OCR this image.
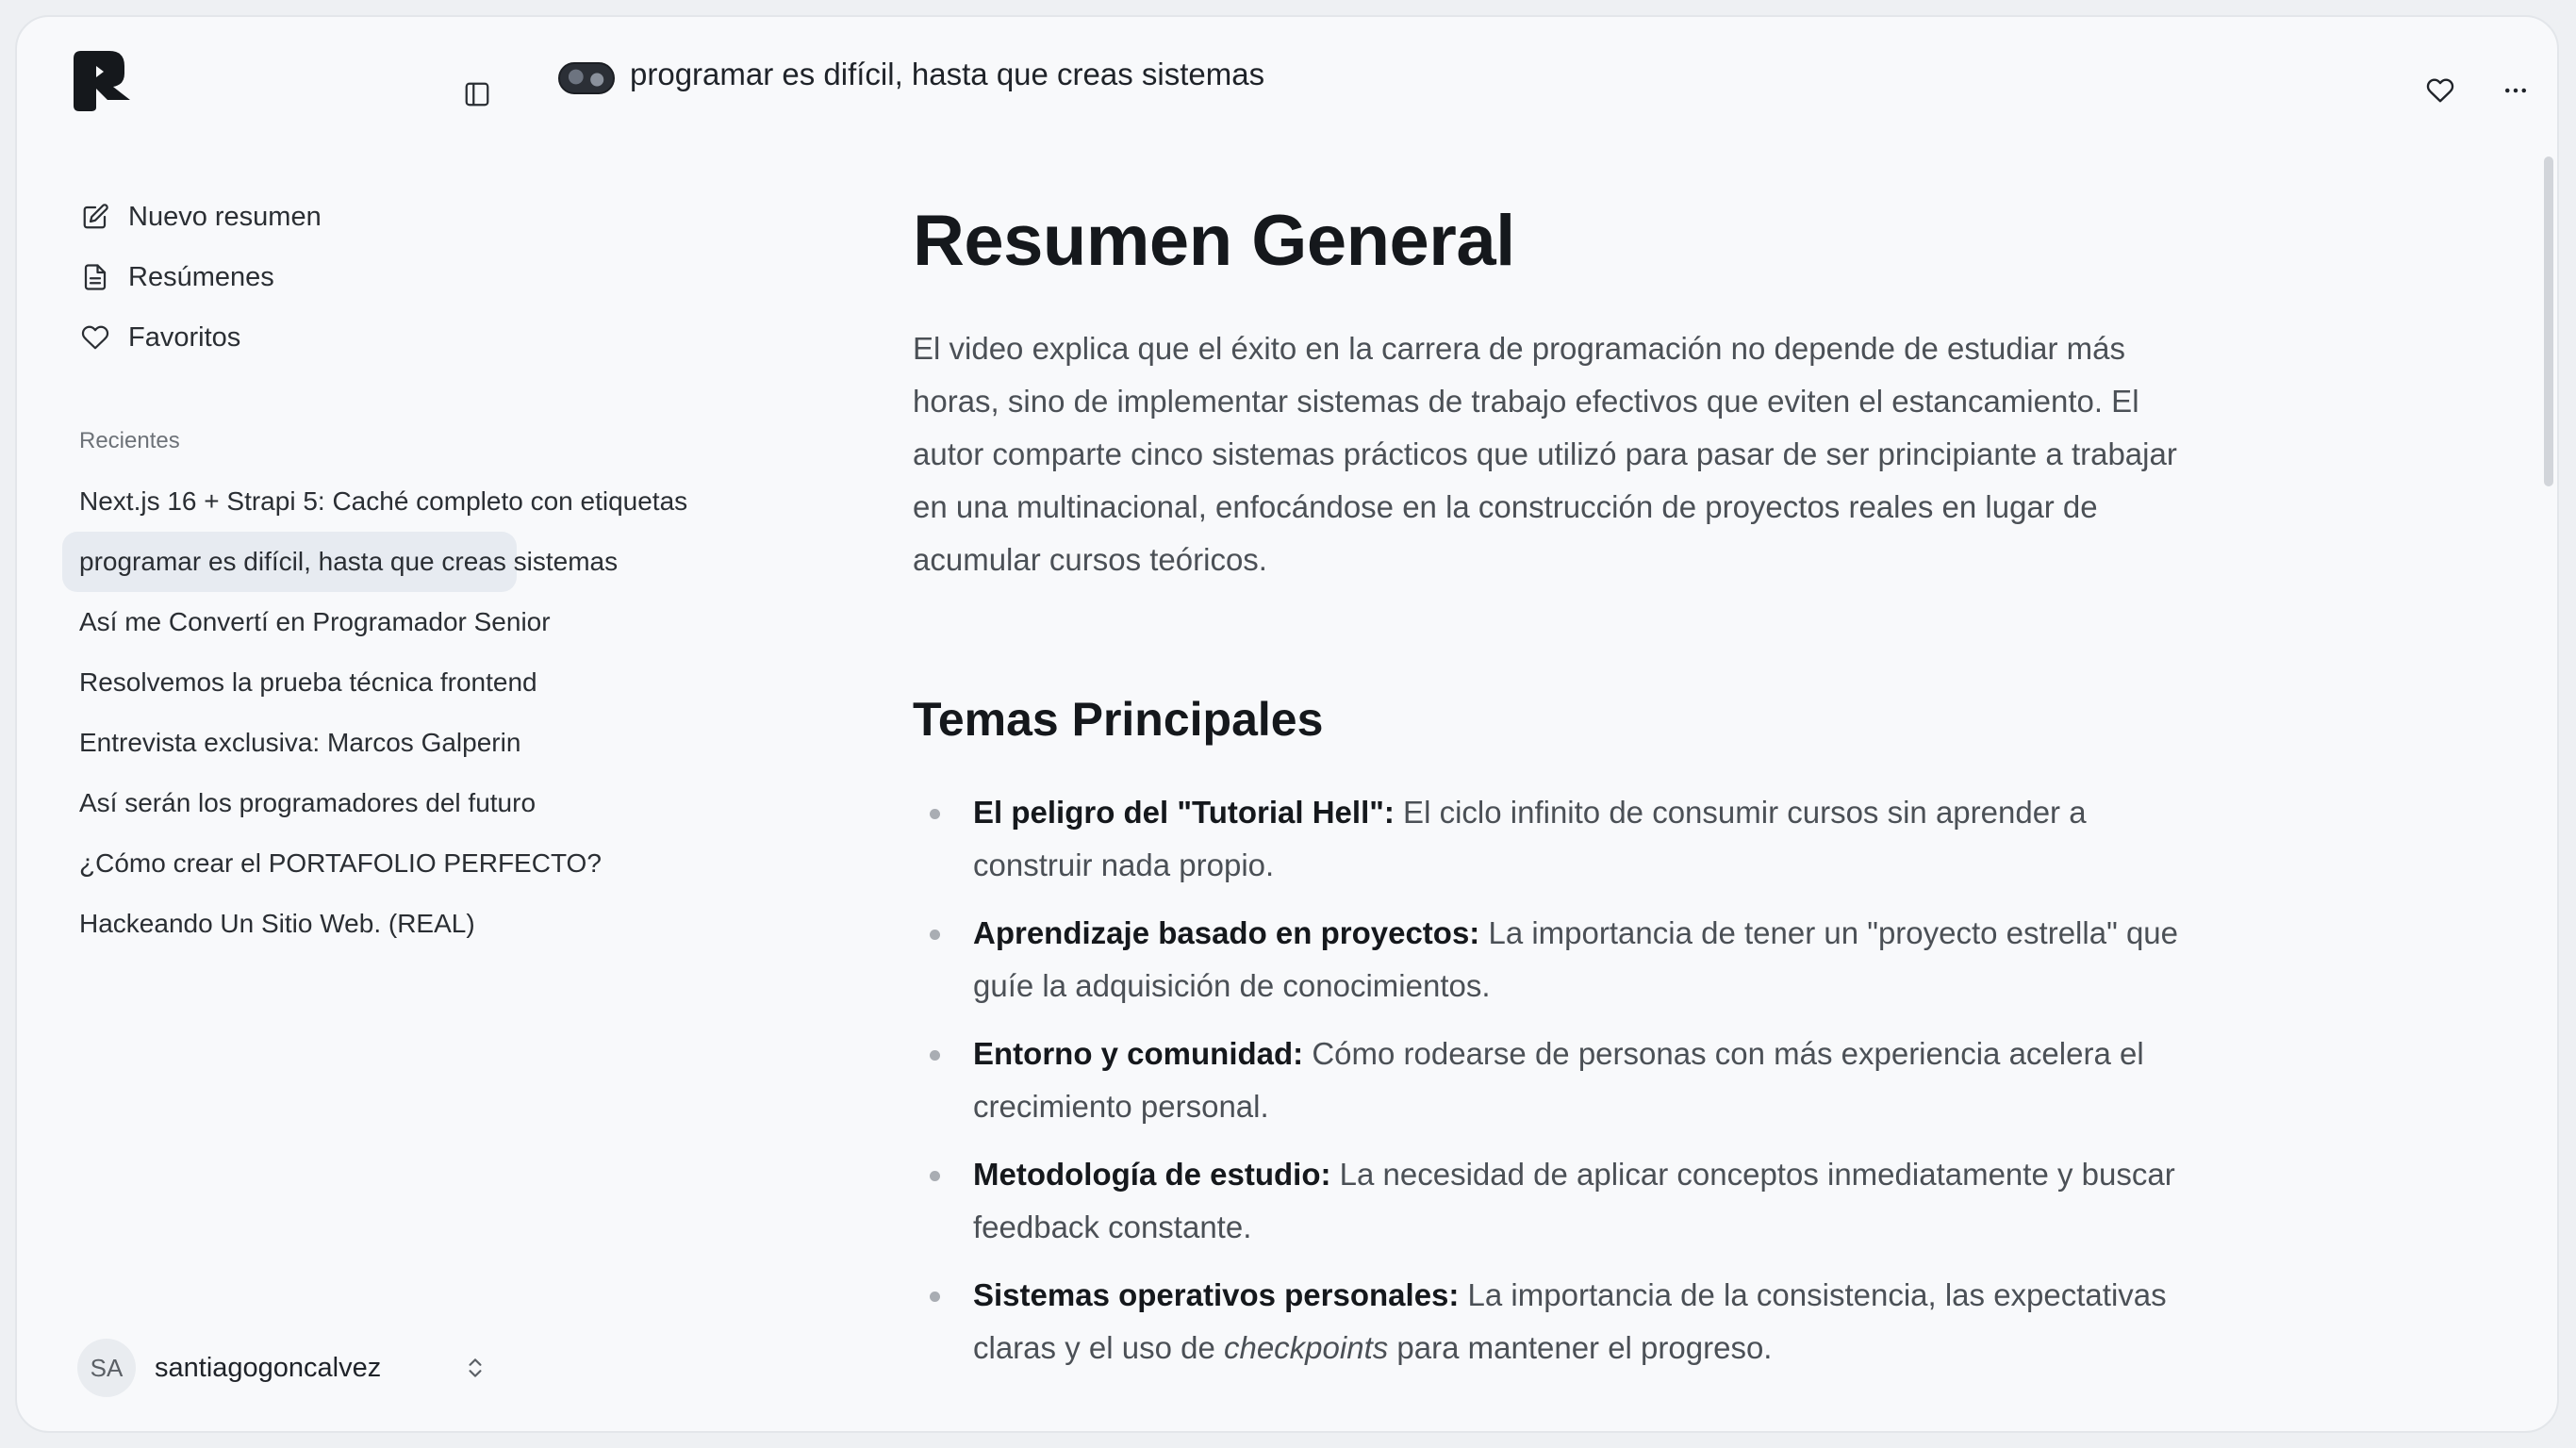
Nuevo resumen
Resúmenes
Favoritos
Recientes
Next.js 16 + Strapi 5: Caché completo con etiquetas
programar es difícil, hasta que creas sistemas
Así me Convertí en Programador Senior
Resolvemos la prueba técnica frontend
Entrevista exclusiva: Marcos Galperin
Así serán los programadores del futuro
¿Cómo crear el PORTAFOLIO PERFECTO?
Hackeando Un Sitio Web. (REAL)
SA	santiagogoncalvez
programar es difícil, hasta que creas sistemas
Resumen General

El video explica que el éxito en la carrera de programación no depende de estudiar más horas, sino de implementar sistemas de trabajo efectivos que eviten el estancamiento. El autor comparte cinco sistemas prácticos que utilizó para pasar de ser principiante a trabajar en una multinacional, enfocándose en la construcción de proyectos reales en lugar de acumular cursos teóricos.

Temas Principales
El peligro del "Tutorial Hell": El ciclo infinito de consumir cursos sin aprender a construir nada propio.
Aprendizaje basado en proyectos: La importancia de tener un "proyecto estrella" que guíe la adquisición de conocimientos.
Entorno y comunidad: Cómo rodearse de personas con más experiencia acelera el crecimiento personal.
Metodología de estudio: La necesidad de aplicar conceptos inmediatamente y buscar feedback constante.
Sistemas operativos personales: La importancia de la consistencia, las expectativas claras y el uso de checkpoints para mantener el progreso.
